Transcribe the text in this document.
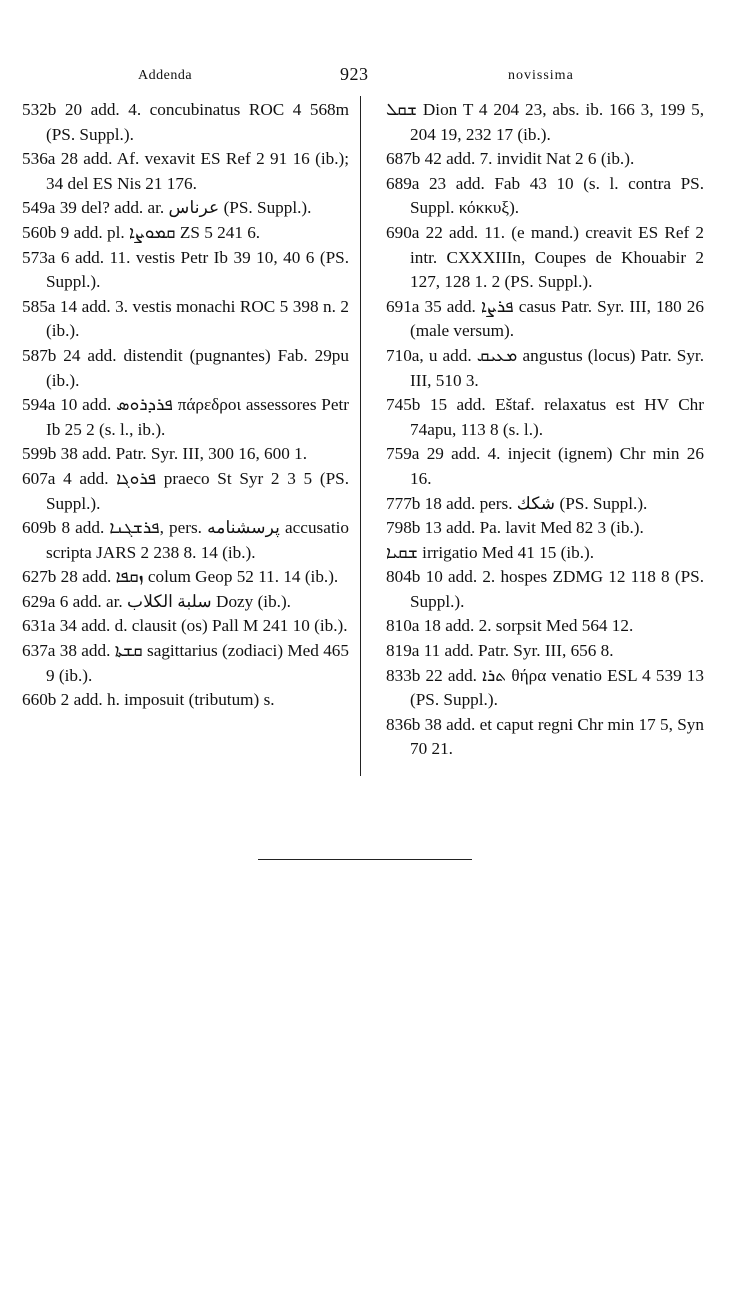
Addenda	923	novissima

532b 20 add. 4. concubinatus ROC 4 568m (PS. Suppl.).

536a 28 add. Af. vexavit ES Ref 2 91 16 (ib.); 34 del ES Nis 21 176.

549a 39 del? add. ar. عرناس (PS. Suppl.).

560b 9 add. pl. ܩܡܘܨܐ ZS 5 241 6.

573a 6 add. 11. vestis Petr Ib 39 10, 40 6 (PS. Suppl.).

585a 14 add. 3. vestis monachi ROC 5 398 n. 2 (ib.).

587b 24 add. distendit (pugnantes) Fab. 29pu (ib.).

594a 10 add. ܦܪܕܪܘܣ πάρεδροι assessores Petr Ib 25 2 (s. l., ib.).

599b 38 add. Patr. Syr. III, 300 16, 600 1.

607a 4 add. ܦܪܘܓܐ praeco St Syr 2 3 5 (PS. Suppl.).

609b 8 add. ܦܪܫܓܢܐ, pers. پرسشنامه accusatio scripta JARS 2 238 8. 14 (ib.).

627b 28 add. ܙܩܦܐ colum Geop 52 11. 14 (ib.).

629a 6 add. ar. سلبة الكلاب Dozy (ib.).

631a 34 add. d. clausit (os) Pall M 241 10 (ib.).

637a 38 add. ܩܫܬܐ sagittarius (zodiaci) Med 465 9 (ib.).

660b 2 add. h. imposuit (tributum) s.

ܫܩܠ Dion T 4 204 23, abs. ib. 166 3, 199 5, 204 19, 232 17 (ib.).

687b 42 add. 7. invidit Nat 2 6 (ib.).

689a 23 add. Fab 43 10 (s. l. contra PS. Suppl. κόκκυξ).

690a 22 add. 11. (e mand.) creavit ES Ref 2 intr. CXXXIIIn, Coupes de Khouabir 2 127, 128 1. 2 (PS. Suppl.).

691a 35 add. ܦܪܨܐ casus Patr. Syr. III, 180 26 (male versum).

710a, u add. ܡܥܝܩ angustus (locus) Patr. Syr. III, 510 3.

745b 15 add. Eštaf. relaxatus est HV Chr 74apu, 113 8 (s. l.).

759a 29 add. 4. injecit (ignem) Chr min 26 16.

777b 18 add. pers. شكك (PS. Suppl.).

798b 13 add. Pa. lavit Med 82 3 (ib.).

ܫܩܝܐ irrigatio Med 41 15 (ib.).

804b 10 add. 2. hospes ZDMG 12 118 8 (PS. Suppl.).

810a 18 add. 2. sorpsit Med 564 12.

819a 11 add. Patr. Syr. III, 656 8.

833b 22 add. ܬܪܐ θήρα venatio ESL 4 539 13 (PS. Suppl.).

836b 38 add. et caput regni Chr min 17 5, Syn 70 21.
